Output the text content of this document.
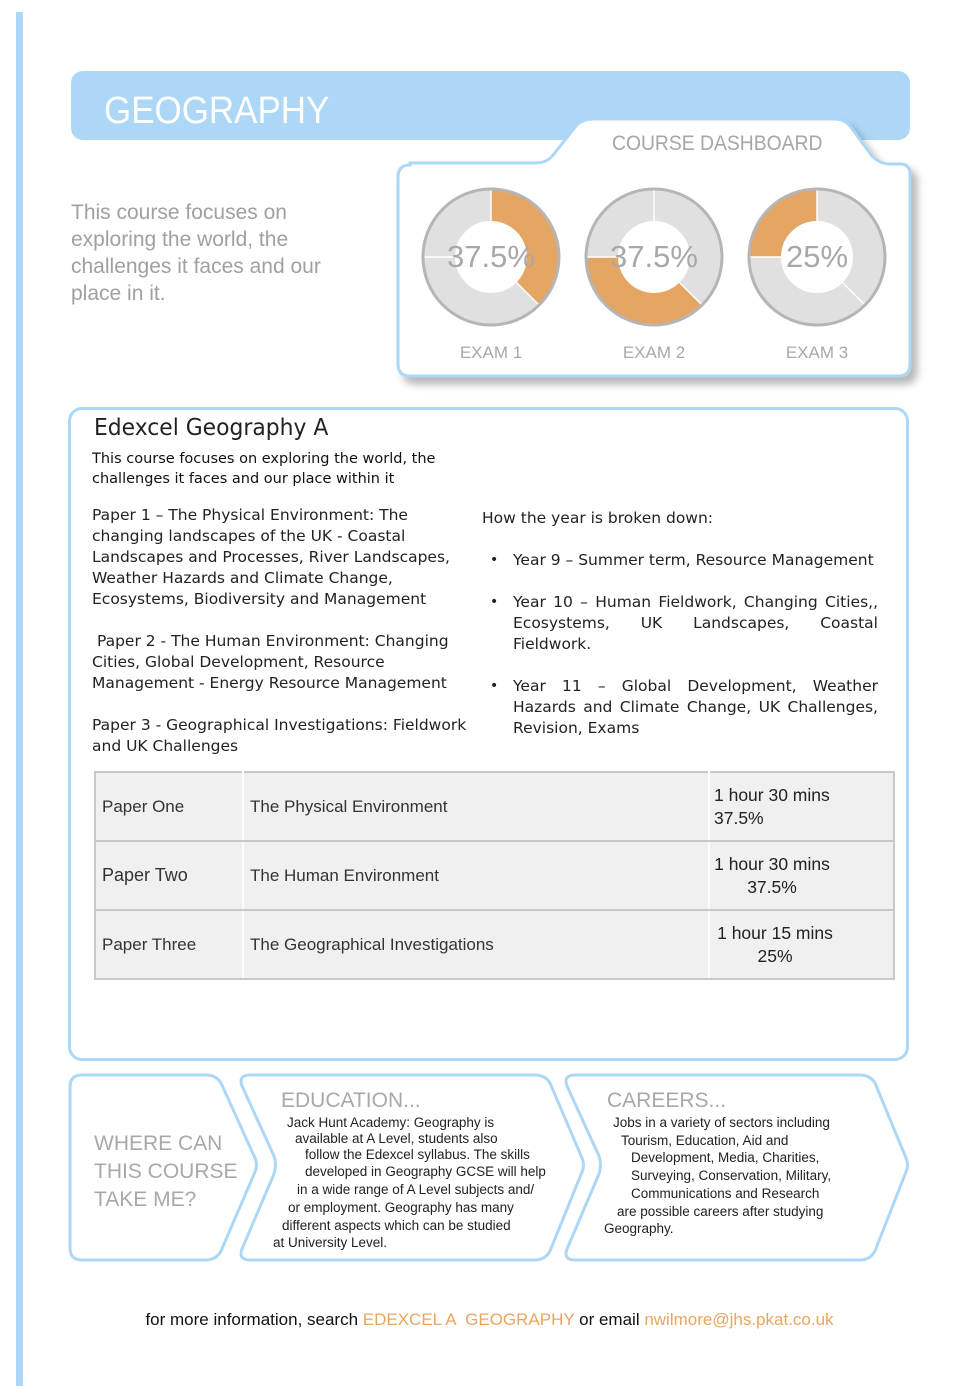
GEOGRAPHY
COURSE DASHBOARD
This course focuses on exploring the world, the challenges it faces and our place in it.
37.5%
EXAM 1
37.5%
EXAM 2
25%
EXAM 3
Edexcel Geography A
This course focuses on exploring the world, the challenges it faces and our place within it

Paper 1 – The Physical Environment: The changing landscapes of the UK - Coastal Landscapes and Processes, River Landscapes, Weather Hazards and Climate Change, Ecosystems, Biodiversity and Management

Paper 2 - The Human Environment: Changing Cities, Global Development, Resource Management - Energy Resource Management

Paper 3 - Geographical Investigations: Fieldwork and UK Challenges

How the year is broken down:
• Year 9 – Summer term, Resource Management
• Year 10 – Human Fieldwork, Changing Cities,, Ecosystems, UK Landscapes, Coastal Fieldwork.
• Year 11 – Global Development, Weather Hazards and Climate Change, UK Challenges, Revision, Exams
Paper One	The Physical Environment	1 hour 30 mins
37.5%

Paper Two	The Human Environment	1 hour 30 mins
37.5%

Paper Three	The Geographical Investigations	1 hour 15 mins
25%
WHERE CAN
THIS COURSE
TAKE ME?
EDUCATION...
Jack Hunt Academy: Geography is
available at A Level, students also
follow the Edexcel syllabus. The skills
developed in Geography GCSE will help
in a wide range of A Level subjects and/
or employment. Geography has many
different aspects which can be studied
at University Level.
CAREERS...
Jobs in a variety of sectors including
Tourism, Education, Aid and
Development, Media, Charities,
Surveying, Conservation, Military,
Communications and Research
are possible careers after studying
Geography.
for more information, search EDEXCEL A  GEOGRAPHY or email nwilmore@jhs.pkat.co.uk
